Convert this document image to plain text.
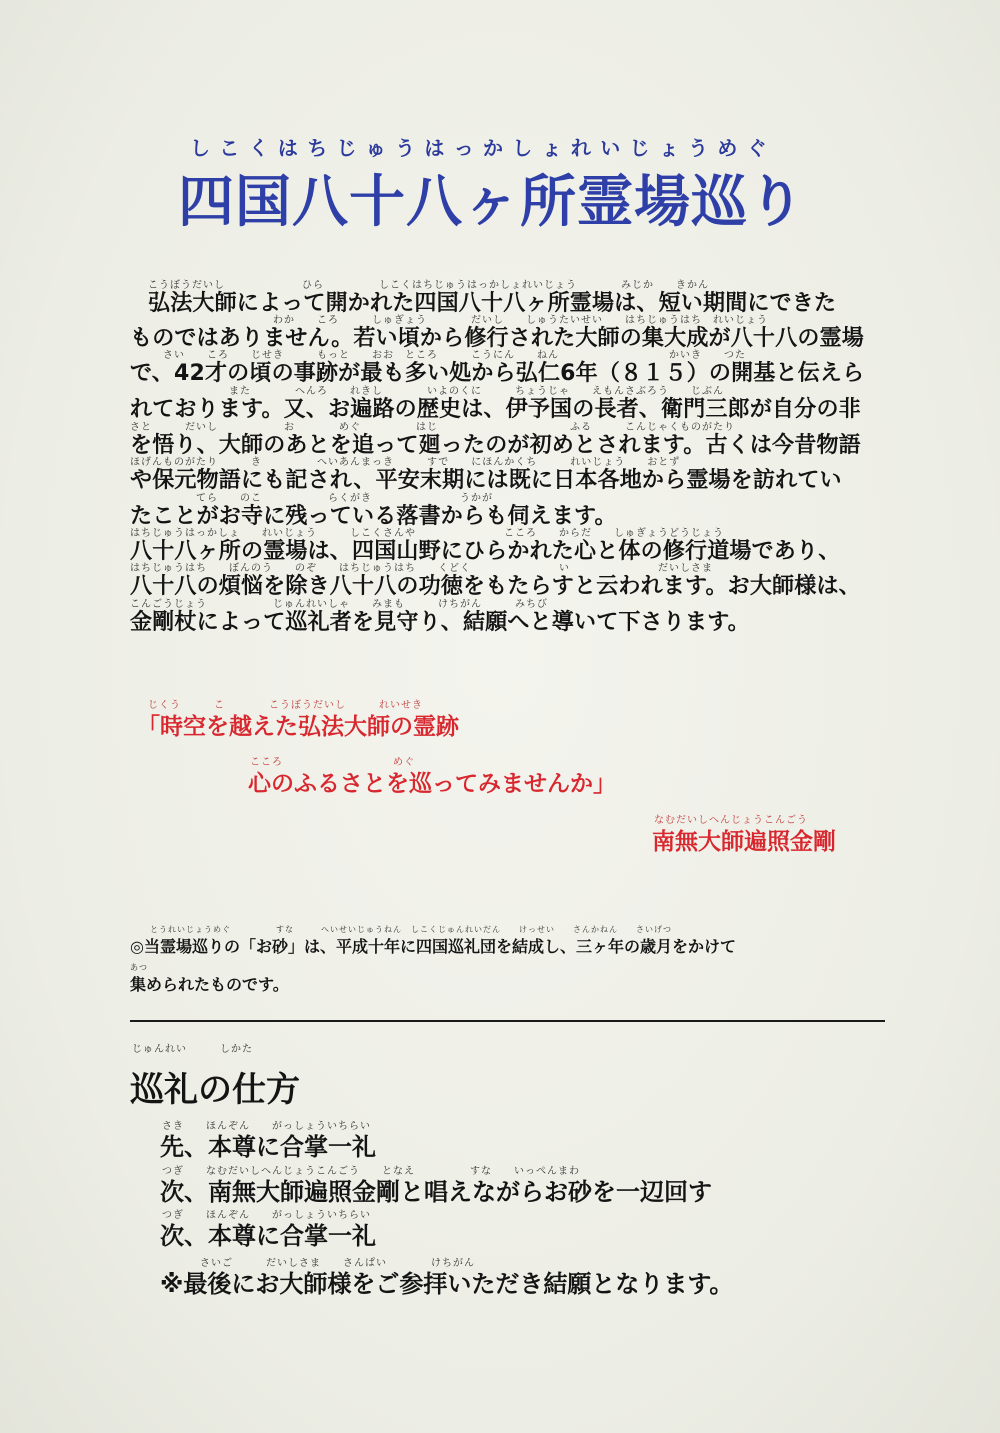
しこくはちじゅうはっかしょれいじょうめぐ
四国八十八ヶ所霊場巡り
こうぼうだいし　　　　　　　ひら　　　　　しこくはちじゅうはっかしょれいじょう　　　　みじか　　きかん
弘法大師によって開かれた四国八十八ヶ所霊場は、短い期間にできた
　　　　　　　　　　　　　わか　　ころ　　　しゅぎょう　　　　だいし　　しゅうたいせい　　はちじゅうはち　れいじょう
ものではありません。若い頃から修行された大師の集大成が八十八の霊場
　　　さい　　ころ　　じせき　　　もっと　　おお　ところ　　　こうにん　　ねん　　　　　　　　　　かいき　　つた
で、42才の頃の事跡が最も多い処から弘仁6年（８１５）の開基と伝えら
　　　　　　　　　また　　　　へんろ　　れきし　　　　いよのくに　　　ちょうじゃ　　えもんさぶろう　　じぶん
れております。又、お遍路の歴史は、伊予国の長者、衛門三郎が自分の非
さと　　　だいし　　　　　　お　　　　めぐ　　　　　はじ　　　　　　　　　　　　ふる　　　こんじゃくものがたり
を悟り、大師のあとを追って廻ったのが初めとされます。古くは今昔物語
ほげんものがたり　　　き　　　　　へいあんまっき　　　すで　　にほんかくち　　　れいじょう　　おとず
や保元物語にも記され、平安末期には既に日本各地から霊場を訪れてい
　　　　　　てら　　のこ　　　　　　らくがき　　　　　　　　うかが
たことがお寺に残っている落書からも伺えます。
はちじゅうはっかしょ　　れいじょう　　　しこくさんや　　　　　　　　こころ　　からだ　　しゅぎょうどうじょう
八十八ヶ所の霊場は、四国山野にひらかれた心と体の修行道場であり、
はちじゅうはち　　ぼんのう　　のぞ　　はちじゅうはち　　くどく　　　　　　　　い　　　　　　　　だいしさま
八十八の煩悩を除き八十八の功徳をもたらすと云われます。お大師様は、
こんごうじょう　　　　　　じゅんれいしゃ　　みまも　　　けちがん　　　みちび
金剛杖によって巡礼者を見守り、結願へと導いて下さります。
じくう　　　こ　　　　こうぼうだいし　　　れいせき
「時空を越えた弘法大師の霊跡
こころ　　　　　　　　　　めぐ
心のふるさとを巡ってみませんか」
なむだいしへんじょうこんごう
南無大師遍照金剛
とうれいじょうめぐ　　　　　すな　　　へいせいじゅうねん　しこくじゅんれいだん　　けっせい　　さんかねん　　さいげつ
◎当霊場巡りの「お砂」は、平成十年に四国巡礼団を結成し、三ヶ年の歳月をかけて
あつ
集められたものです。
じゅんれい　　　しかた
巡礼の仕方
さき　　ほんぞん　　がっしょういちらい
先、本尊に合掌一礼
つぎ　　なむだいしへんじょうこんごう　　となえ　　　　　すな　　いっぺんまわ
次、南無大師遍照金剛と唱えながらお砂を一辺回す
つぎ　　ほんぞん　　がっしょういちらい
次、本尊に合掌一礼
さいご　　　だいしさま　　さんぱい　　　　けちがん
※最後にお大師様をご参拝いただき結願となります。
